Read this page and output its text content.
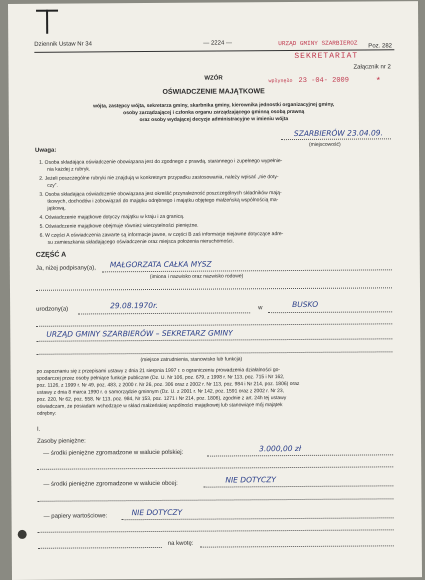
Dziennik Ustaw Nr 34	— 2224 —	Poz. 282
URZĄD GMINY SZARBIEROZ
SEKRETARIAT
Załącznik nr 2
wpłynęło 23 -04- 2009	*
WZÓR
OŚWIADCZENIE MAJĄTKOWE
wójta, zastępcy wójta, sekretarza gminy, skarbnika gminy, kierownika jednostki organizacyjnej gminy,
osoby zarządzającej i członka organu zarządzającego gminną osobą prawną
oraz osoby wydającej decyzje administracyjne w imieniu wójta
SZARBIERÓW 23.04.09.
(miejscowość)
Uwaga:
1. Osoba składająca oświadczenie obowiązana jest do zgodnego z prawdą, starannego i zupełnego wypełnie-
nia każdej z rubryk.
2. Jeżeli poszczególne rubryki nie znajdują w konkretnym przypadku zastosowania, należy wpisać „nie doty-
czy”.
3. Osoba składająca oświadczenie obowiązana jest określić przynależność poszczególnych składników mają-
tkowych, dochodów i zobowiązań do majątku odrębnego i majątku objętego małżeńską wspólnością ma-
jątkową.
4. Oświadczenie majątkowe dotyczy majątku w kraju i za granicą.
5. Oświadczenie majątkowe obejmuje również wierzytelności pieniężne.
6. W części A oświadczenia zawarte są informacje jawne, w części B zaś informacje niejawne dotyczące adre-
su zamieszkania składającego oświadczenie oraz miejsca położenia nieruchomości.
CZĘŚĆ A
Ja, niżej podpisany(a), MAŁGORZATA CAŁKA MYSZ
(imiona i nazwisko oraz nazwisko rodowe)
urodzony(a)	29.08.1970r.	w	BUSKO
URZĄD GMINY SZARBIERÓW – SEKRETARZ GMINY
(miejsce zatrudnienia, stanowisko lub funkcja)
po zapoznaniu się z przepisami ustawy z dnia 21 sierpnia 1997 r. o ograniczeniu prowadzenia działalności go-
spodarczej przez osoby pełniące funkcje publiczne (Dz. U. Nr 106, poz. 679, z 1998 r. Nr 113, poz. 715 i Nr 162,
poz. 1126, z 1999 r. Nr 49, poz. 483, z 2000 r. Nr 26, poz. 306 oraz z 2002 r. Nr 113, poz. 984 i Nr 214, poz. 1806) oraz
ustawy z dnia 8 marca 1990 r. o samorządzie gminnym (Dz. U. z 2001 r. Nr 142, poz. 1591 oraz z 2002 r. Nr 23,
poz. 220, Nr 62, poz. 558, Nr 113, poz. 984, Nr 153, poz. 1271 i Nr 214, poz. 1806), zgodnie z art. 24h tej ustawy
oświadczam, że posiadam wchodzące w skład małżeńskiej wspólności majątkowej lub stanowiące mój majątek
odrębny:
I.
Zasoby pieniężne:
— środki pieniężne zgromadzone w walucie polskiej:
3.000,00 zł
— środki pieniężne zgromadzone w walucie obcej:	NIE DOTYCZY
— papiery wartościowe:	NIE DOTYCZY
na kwotę:
